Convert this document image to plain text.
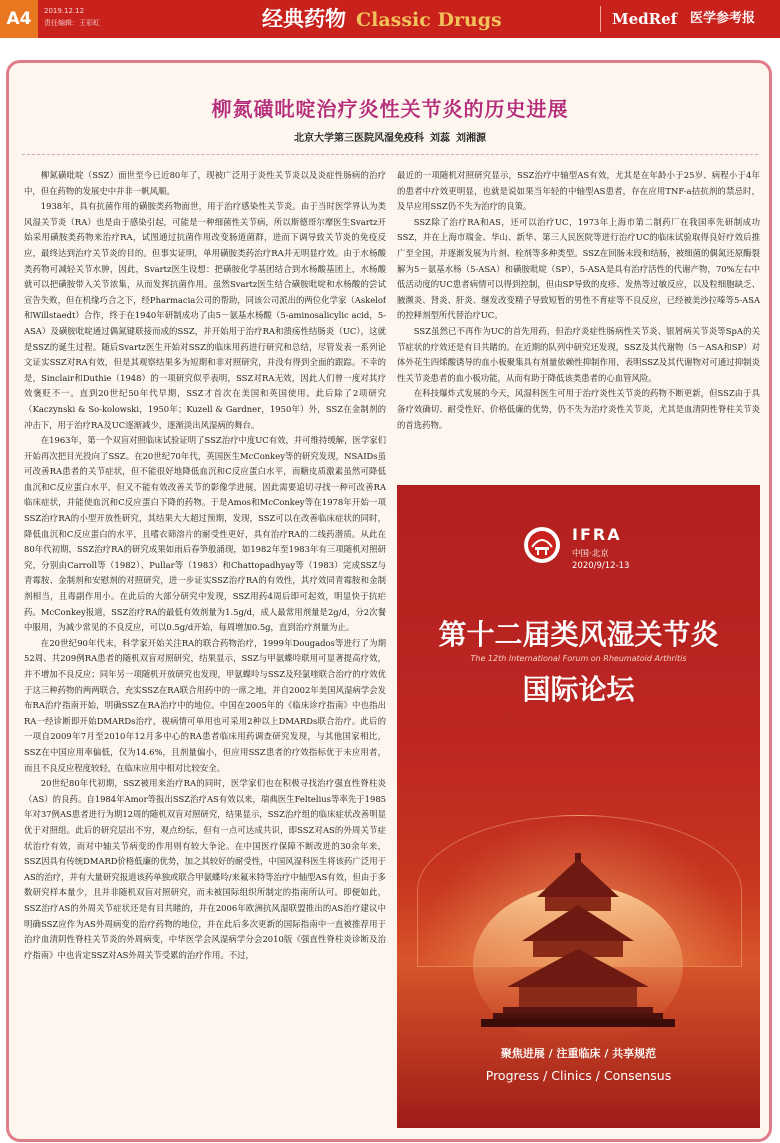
A4	2019.12.12
责任编辑：王彩虹	经典药物 Classic Drugs	MedRef 医学参考报
柳氮磺吡啶治疗炎性关节炎的历史进展
北京大学第三医院风湿免疫科 刘蕊 刘湘源

柳氮磺吡啶（SSZ）面世至今已近80年了，现被广泛用于炎性关节炎以及炎症性肠病的治疗中，但在药物的发展史中并非一帆风顺。

1938年，具有抗菌作用的磺胺类药物面世，用于治疗感染性关节炎。由于当时医学界认为类风湿关节炎（RA）也是由于感染引起，可能是一种细菌性关节病，所以斯德哥尔摩医生Svartz开始采用磺胺类药物来治疗RA，试图通过抗菌作用改变肠道菌群，进而下调导致关节炎的免疫反应，最终达到治疗关节炎的目的。但事实证明，单用磺胺类药治疗RA并无明显疗效。由于水杨酸类药物可减轻关节水肿，因此，Svartz医生设想：把磺胺化学基团结合到水杨酸基团上，水杨酸就可以把磺胺带入关节浓集，从而发挥抗菌作用。虽然Svartz医生结合磺胺吡啶和水杨酸的尝试宣告失败，但在机缘巧合之下，经Pharmacia公司的帮助，同该公司派出的两位化学家（Askelof和Willstaedt）合作，终于在1940年研制成功了由5－氨基水杨酸（5-aminosalicylic acid，5-ASA）及磺胺吡啶通过偶氮键联接而成的SSZ，并开始用于治疗RA和溃疡性结肠炎（UC），这就是SSZ的诞生过程。随后Svartz医生开始对SSZ的临床用药进行研究和总结，尽管发表一系列论文证实SSZ对RA有效，但是其观察结果多为短期和非对照研究，并没有得到全面的跟踪。不幸的是，Sinclair和Duthie（1948）的一项研究似乎表明，SSZ对RA无效，因此人们曾一度对其疗效褒贬不一。直到20世纪50年代早期，SSZ才首次在美国和英国使用。此后除了2项研究（Kaczynski & So-kolowski，1950年；Kuzell & Gardner，1950年）外，SSZ在金制剂的冲击下，用于治疗RA及UC逐渐减少，逐渐淡出风湿病的舞台。

在1963年，第一个双盲对照临床试验证明了SSZ治疗中度UC有效，并可维持缓解，医学家们开始再次把目光投向了SSZ。在20世纪70年代，英国医生McConkey等的研究发现，NSAIDs虽可改善RA患者的关节症状，但不能很好地降低血沉和C反应蛋白水平，而糖皮质激素虽然可降低血沉和C反应蛋白水平，但又不能有效改善关节的影像学进展，因此需要追切寻找一种可改善RA临床症状，并能使血沉和C反应蛋白下降的药物。于是Amos和McConkey等在1978年开始一项SSZ治疗RA的小型开放性研究，其结果大大超过预期，发现，SSZ可以在改善临床症状的同时，降低血沉和C反应蛋白的水平，且嗜衣筛溶片的耐受性更好，具有治疗RA的二线药潜质。从此在80年代初期，SSZ治疗RA的研究成果如雨后春笋般涌现，如1982年至1983年有三项随机对照研究，分别由Carroll等（1982）、Pullar等（1983）和Chattopadhyay等（1983）完成SSZ与青霉胺、金制剂和安慰剂的对照研究，进一步证实SSZ治疗RA的有效性，其疗效同青霉胺和金制剂相当，且毒副作用小。在此后的大部分研究中发现，SSZ用药4周后即可起效，明显快于抗疟药。McConkey报道，SSZ治疗RA的最低有效剂量为1.5g/d，成人最常用剂量是2g/d，分2次餐中服用，为减少常见的不良反应，可以0.5g/d开始，每周增加0.5g，直到治疗剂量为止。

在20世纪90年代末，科学家开始关注RA的联合药物治疗，1999年Dougados等进行了为期52周、共209例RA患者的随机双盲对照研究，结果显示，SSZ与甲氨蝶呤联用可显著提高疗效，并不增加不良反应；同年另一项随机开放研究也发现，甲氨蝶呤与SSZ及羟氯喹联合治疗的疗效优于这三种药物的两两联合，充实SSZ在RA联合用药中的一席之地，并自2002年美国风湿病学会发布RA治疗指南开始，明确SSZ在RA治疗中的地位。中国在2005年的《临床诊疗指南》中也指出RA一经诊断即开始DMARDs治疗，视病情可单用也可采用2种以上DMARDs联合治疗。此后的一项自2009年7月至2010年12月多中心的RA患者临床用药调查研究发现，与其他国家相比，SSZ在中国应用率偏低，仅为14.6%，且剂量偏小，但应用SSZ患者的疗效指标优于未应用者，而且不良反应程度较轻，在临床应用中相对比较安全。

20世纪80年代初期，SSZ被用来治疗RA的同时，医学家们也在积极寻找治疗强直性脊柱炎（AS）的良药。自1984年Amor等报出SSZ治疗AS有效以来，瑞典医生Feltelius等率先于1985年对37例AS患者进行为期12周的随机双盲对照研究，结果显示，SSZ治疗组的临床症状改善明显优于对照组。此后的研究层出不穷，观点纷纭，但有一点可达成共识，即SSZ对AS的外周关节症状治疗有效，而对中轴关节病变的作用则有较大争论。在中国医疗保障不断改进的30余年来，SSZ因具有传统DMARD价格低廉的优势，加之其较好的耐受性，中国风湿科医生将该药广泛用于AS的治疗，并有大量研究报道该药单独或联合甲氨蝶呤/来氟米特等治疗中轴型AS有效，但由于多数研究样本量少，且并非随机双盲对照研究，而未被国际组织所制定的指南所认可。即便如此，SSZ治疗AS的外周关节症状还是有目共睹的，并在2006年欧洲抗风湿联盟推出的AS治疗建议中明确SSZ应作为AS外周病变的治疗药物的地位，并在此后多次更新的国际指南中一直被推荐用于治疗血清阴性脊柱关节炎的外周病变，中华医学会风湿病学分会2010版《强直性脊柱炎诊断及治疗指南》中也肯定SSZ对AS外周关节受累的治疗作用。不过，

最近的一项随机对照研究显示，SSZ治疗中轴型AS有效，尤其是在年龄小于25岁、病程小于4年的患者中疗效更明显，也就是说如果当年轻的中轴型AS患者，存在应用TNF-a拮抗剂的禁忌时，及早应用SSZ仍不失为治疗的良策。

SSZ除了治疗RA和AS，还可以治疗UC，1973年上海市第二制药厂在我国率先研制成功SSZ，并在上海市瑞金、华山、新华、第三人民医院等进行治疗UC的临床试验取得良好疗效后推广至全国，并逐渐发展为片剂、栓剂等多种类型。SSZ在回肠末段和结肠，被细菌的偶氮还原酶裂解为5－氨基水杨（5-ASA）和磺胺吡啶（SP），5-ASA是具有治疗活性的代谢产物，70%左右中低活动度的UC患者病情可以得到控制，但由SP导致的皮疹、发热等过敏反应，以及粒细胞缺乏、腋濒炎、肾炎、肝炎、继发改变精子导致短暂的男性不育症等不良反应，已经被美沙拉嗪等5-ASA的控释剂型所代替治疗UC。

SSZ虽然已不再作为UC的首先用药，但治疗炎症性肠病性关节炎、银屑病关节炎等SpA的关节症状的疗效还是有目共睹的。在近期的队列中研究还发现，SSZ及其代谢物（5－ASA和SP）对体外花生四烯酸诱导的血小板聚集具有剂量依赖性抑制作用，表明SSZ及其代谢物对可通过抑制炎性关节炎患者的血小板功能，从而有助于降低该类患者的心血管风险。

在科技爆炸式发展的今天，风湿科医生可用于治疗炎性关节炎的药物不断更新，但SSZ由于具备疗效确切、耐受性好、价格低廉的优势，仍不失为治疗炎性关节炎，尤其是血清阴性脊柱关节炎的首选药物。

IFRA
中国·北京
2020/9/12-13
第十二届类风湿关节炎
The 12th International Forum on Rheumatoid Arthritis
国际论坛
聚焦进展 / 注重临床 / 共享规范
Progress / Clinics / Consensus
